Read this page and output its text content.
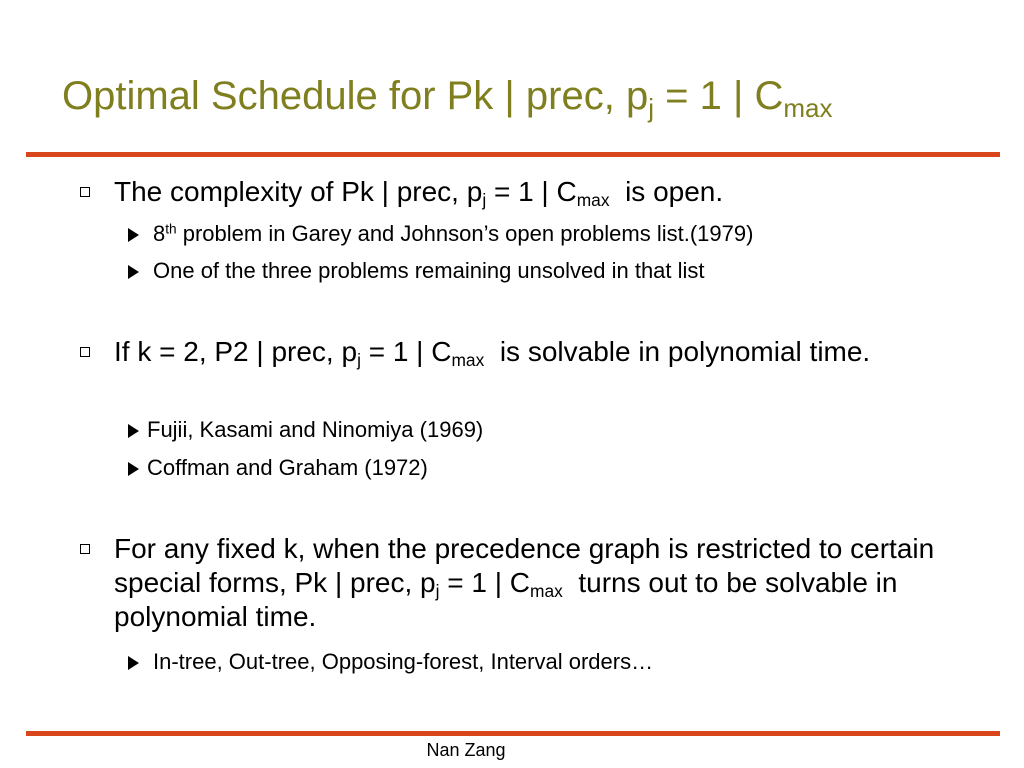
Optimal Schedule for Pk | prec, $p_j = 1$ | $C_{max}$
The complexity of Pk | prec, $p_j = 1$ | $C_{max}$  is open.
8th problem in Garey and Johnson’s open problems list.(1979)
One of the three problems remaining unsolved in that list
If k = 2, P2 | prec, $p_j = 1$ | $C_{max}$  is solvable in polynomial time.
Fujii, Kasami and Ninomiya (1969)
Coffman and Graham (1972)
For any fixed k, when the precedence graph is restricted to certain special forms, Pk | prec, $p_j = 1$ | $C_{max}$  turns out to be solvable in polynomial time.
In-tree, Out-tree, Opposing-forest, Interval orders…
Nan Zang
